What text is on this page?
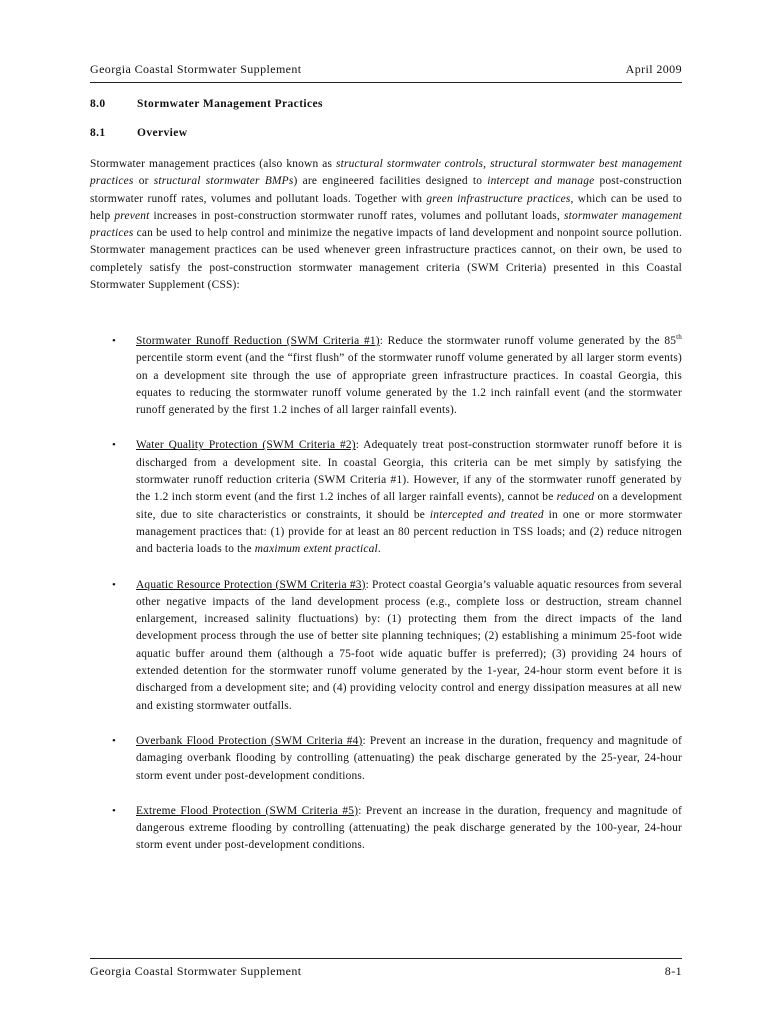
Georgia Coastal Stormwater Supplement	April 2009
8.0	Stormwater Management Practices
8.1	Overview

Stormwater management practices (also known as structural stormwater controls, structural stormwater best management practices or structural stormwater BMPs) are engineered facilities designed to intercept and manage post-construction stormwater runoff rates, volumes and pollutant loads. Together with green infrastructure practices, which can be used to help prevent increases in post-construction stormwater runoff rates, volumes and pollutant loads, stormwater management practices can be used to help control and minimize the negative impacts of land development and nonpoint source pollution. Stormwater management practices can be used whenever green infrastructure practices cannot, on their own, be used to completely satisfy the post-construction stormwater management criteria (SWM Criteria) presented in this Coastal Stormwater Supplement (CSS):

• Stormwater Runoff Reduction (SWM Criteria #1): Reduce the stormwater runoff volume generated by the 85th percentile storm event (and the “first flush” of the stormwater runoff volume generated by all larger storm events) on a development site through the use of appropriate green infrastructure practices. In coastal Georgia, this equates to reducing the stormwater runoff volume generated by the 1.2 inch rainfall event (and the stormwater runoff generated by the first 1.2 inches of all larger rainfall events).
• Water Quality Protection (SWM Criteria #2): Adequately treat post-construction stormwater runoff before it is discharged from a development site. In coastal Georgia, this criteria can be met simply by satisfying the stormwater runoff reduction criteria (SWM Criteria #1). However, if any of the stormwater runoff generated by the 1.2 inch storm event (and the first 1.2 inches of all larger rainfall events), cannot be reduced on a development site, due to site characteristics or constraints, it should be intercepted and treated in one or more stormwater management practices that: (1) provide for at least an 80 percent reduction in TSS loads; and (2) reduce nitrogen and bacteria loads to the maximum extent practical.
• Aquatic Resource Protection (SWM Criteria #3): Protect coastal Georgia’s valuable aquatic resources from several other negative impacts of the land development process (e.g., complete loss or destruction, stream channel enlargement, increased salinity fluctuations) by: (1) protecting them from the direct impacts of the land development process through the use of better site planning techniques; (2) establishing a minimum 25-foot wide aquatic buffer around them (although a 75-foot wide aquatic buffer is preferred); (3) providing 24 hours of extended detention for the stormwater runoff volume generated by the 1-year, 24-hour storm event before it is discharged from a development site; and (4) providing velocity control and energy dissipation measures at all new and existing stormwater outfalls.
• Overbank Flood Protection (SWM Criteria #4): Prevent an increase in the duration, frequency and magnitude of damaging overbank flooding by controlling (attenuating) the peak discharge generated by the 25-year, 24-hour storm event under post-development conditions.
• Extreme Flood Protection (SWM Criteria #5): Prevent an increase in the duration, frequency and magnitude of dangerous extreme flooding by controlling (attenuating) the peak discharge generated by the 100-year, 24-hour storm event under post-development conditions.
Georgia Coastal Stormwater Supplement	8-1
